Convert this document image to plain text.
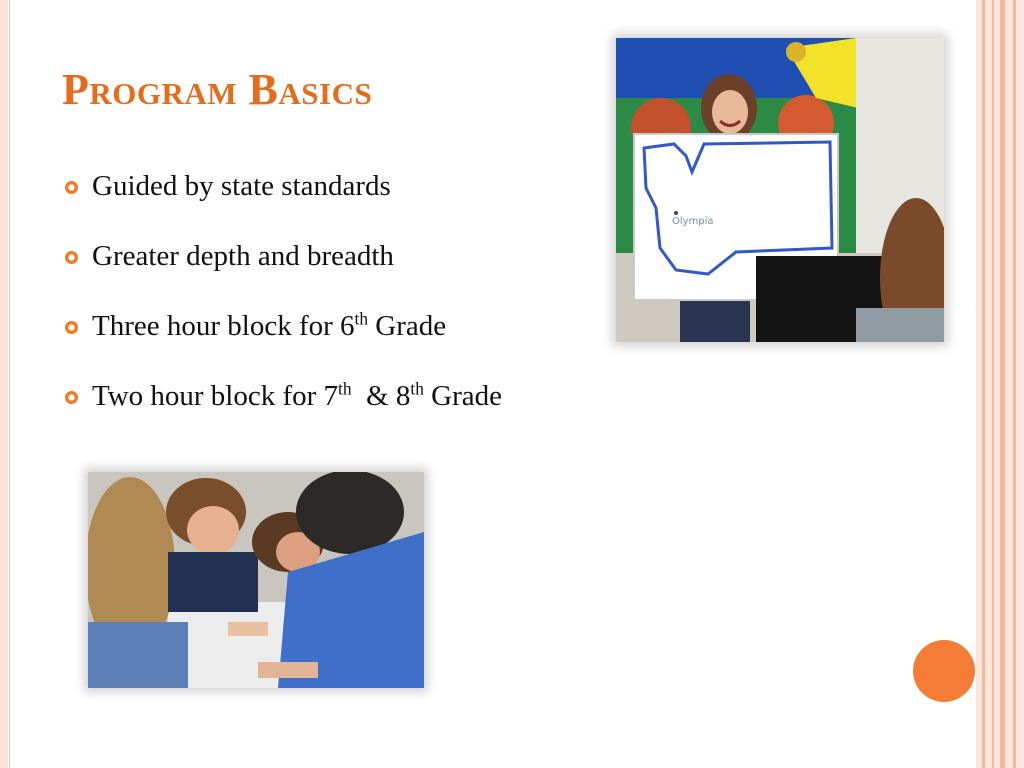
Program Basics
Guided by state standards
Greater depth and breadth
Three hour block for 6th Grade
Two hour block for 7th  & 8th Grade
Olympia
